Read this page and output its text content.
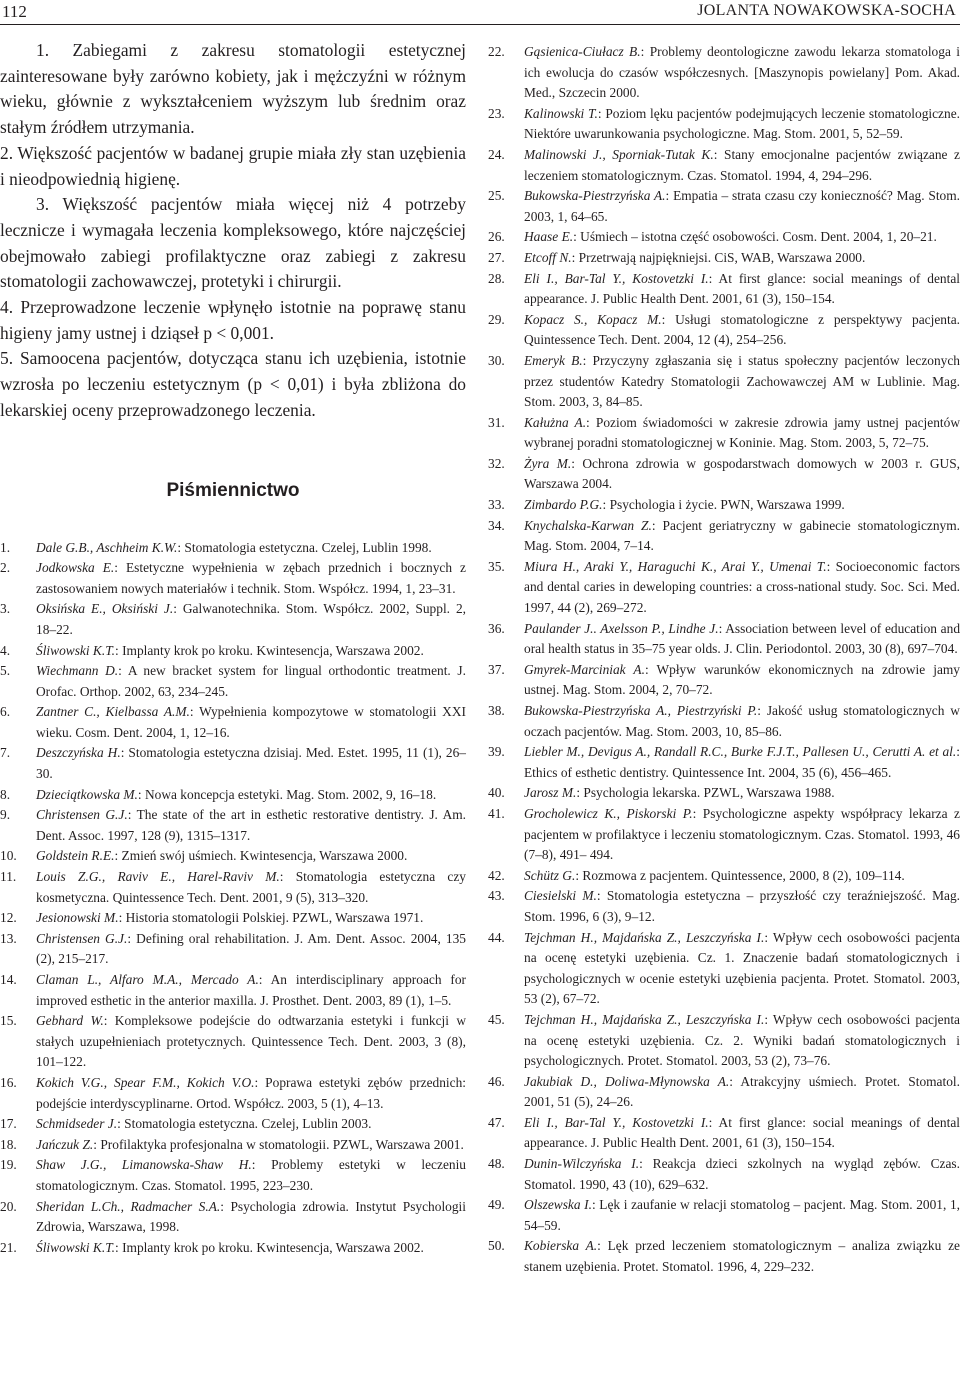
112	JOLANTA NOWAKOWSKA-SOCHA

1. Zabiegami z zakresu stomatologii estetycznej zainteresowane były zarówno kobiety, jak i mężczyźni w różnym wieku, głównie z wykształceniem wyższym lub średnim oraz stałym źródłem utrzymania.

2. Większość pacjentów w badanej grupie miała zły stan uzębienia i nieodpowiednią higienę.

3. Większość pacjentów miała więcej niż 4 potrzeby lecznicze i wymagała leczenia kompleksowego, które najczęściej obejmowało zabiegi profilaktyczne oraz zabiegi z zakresu stomatologii zachowawczej, protetyki i chirurgii.

4. Przeprowadzone leczenie wpłynęło istotnie na poprawę stanu higieny jamy ustnej i dziąseł p < 0,001.

5. Samoocena pacjentów, dotycząca stanu ich uzębienia, istotnie wzrosła po leczeniu estetycznym (p < 0,01) i była zbliżona do lekarskiej oceny przeprowadzonego leczenia.

Piśmiennictwo
1. Dale G.B., Aschheim K.W.: Stomatologia estetyczna. Czelej, Lublin 1998.
2. Jodkowska E.: Estetyczne wypełnienia w zębach przednich i bocznych z zastosowaniem nowych materiałów i technik. Stom. Współcz. 1994, 1, 23–31.
3. Oksińska E., Oksiński J.: Galwanotechnika. Stom. Współcz. 2002, Suppl. 2, 18–22.
4. Śliwowski K.T.: Implanty krok po kroku. Kwintesencja, Warszawa 2002.
5. Wiechmann D.: A new bracket system for lingual orthodontic treatment. J. Orofac. Orthop. 2002, 63, 234–245.
6. Zantner C., Kielbassa A.M.: Wypełnienia kompozytowe w stomatologii XXI wieku. Cosm. Dent. 2004, 1, 12–16.
7. Deszczyńska H.: Stomatologia estetyczna dzisiaj. Med. Estet. 1995, 11 (1), 26–30.
8. Dzieciątkowska M.: Nowa koncepcja estetyki. Mag. Stom. 2002, 9, 16–18.
9. Christensen G.J.: The state of the art in esthetic restorative dentistry. J. Am. Dent. Assoc. 1997, 128 (9), 1315–1317.
10. Goldstein R.E.: Zmień swój uśmiech. Kwintesencja, Warszawa 2000.
11. Louis Z.G., Raviv E., Harel-Raviv M.: Stomatologia estetyczna czy kosmetyczna. Quintessence Tech. Dent. 2001, 9 (5), 313–320.
12. Jesionowski M.: Historia stomatologii Polskiej. PZWL, Warszawa 1971.
13. Christensen G.J.: Defining oral rehabilitation. J. Am. Dent. Assoc. 2004, 135 (2), 215–217.
14. Claman L., Alfaro M.A., Mercado A.: An interdisciplinary approach for improved esthetic in the anterior maxilla. J. Prosthet. Dent. 2003, 89 (1), 1–5.
15. Gebhard W.: Kompleksowe podejście do odtwarzania estetyki i funkcji w stałych uzupełnieniach protetycznych. Quintessence Tech. Dent. 2003, 3 (8), 101–122.
16. Kokich V.G., Spear F.M., Kokich V.O.: Poprawa estetyki zębów przednich: podejście interdyscyplinarne. Ortod. Współcz. 2003, 5 (1), 4–13.
17. Schmidseder J.: Stomatologia estetyczna. Czelej, Lublin 2003.
18. Jańczuk Z.: Profilaktyka profesjonalna w stomatologii. PZWL, Warszawa 2001.
19. Shaw J.G., Limanowska-Shaw H.: Problemy estetyki w leczeniu stomatologicznym. Czas. Stomatol. 1995, 223–230.
20. Sheridan L.Ch., Radmacher S.A.: Psychologia zdrowia. Instytut Psychologii Zdrowia, Warszawa, 1998.
21. Śliwowski K.T.: Implanty krok po kroku. Kwintesencja, Warszawa 2002.
22. Gąsienica-Ciułacz B.: Problemy deontologiczne zawodu lekarza stomatologa i ich ewolucja do czasów współczesnych. [Maszynopis powielany] Pom. Akad. Med., Szczecin 2000.
23. Kalinowski T.: Poziom lęku pacjentów podejmujących leczenie stomatologiczne. Niektóre uwarunkowania psychologiczne. Mag. Stom. 2001, 5, 52–59.
24. Malinowski J., Sporniak-Tutak K.: Stany emocjonalne pacjentów związane z leczeniem stomatologicznym. Czas. Stomatol. 1994, 4, 294–296.
25. Bukowska-Piestrzyńska A.: Empatia – strata czasu czy konieczność? Mag. Stom. 2003, 1, 64–65.
26. Haase E.: Uśmiech – istotna część osobowości. Cosm. Dent. 2004, 1, 20–21.
27. Etcoff N.: Przetrwają najpiękniejsi. CiS, WAB, Warszawa 2000.
28. Eli I., Bar-Tal Y., Kostovetzki I.: At first glance: social meanings of dental appearance. J. Public Health Dent. 2001, 61 (3), 150–154.
29. Kopacz S., Kopacz M.: Usługi stomatologiczne z perspektywy pacjenta. Quintessence Tech. Dent. 2004, 12 (4), 254–256.
30. Emeryk B.: Przyczyny zgłaszania się i status społeczny pacjentów leczonych przez studentów Katedry Stomatologii Zachowawczej AM w Lublinie. Mag. Stom. 2003, 3, 84–85.
31. Kałużna A.: Poziom świadomości w zakresie zdrowia jamy ustnej pacjentów wybranej poradni stomatologicznej w Koninie. Mag. Stom. 2003, 5, 72–75.
32. Żyra M.: Ochrona zdrowia w gospodarstwach domowych w 2003 r. GUS, Warszawa 2004.
33. Zimbardo P.G.: Psychologia i życie. PWN, Warszawa 1999.
34. Knychalska-Karwan Z.: Pacjent geriatryczny w gabinecie stomatologicznym. Mag. Stom. 2004, 7–14.
35. Miura H., Araki Y., Haraguchi K., Arai Y., Umenai T.: Socioeconomic factors and dental caries in deweloping countries: a cross-national study. Soc. Sci. Med. 1997, 44 (2), 269–272.
36. Paulander J.. Axelsson P., Lindhe J.: Association between level of education and oral health status in 35–75 year olds. J. Clin. Periodontol. 2003, 30 (8), 697–704.
37. Gmyrek-Marciniak A.: Wpływ warunków ekonomicznych na zdrowie jamy ustnej. Mag. Stom. 2004, 2, 70–72.
38. Bukowska-Piestrzyńska A., Piestrzyński P.: Jakość usług stomatologicznych w oczach pacjentów. Mag. Stom. 2003, 10, 85–86.
39. Liebler M., Devigus A., Randall R.C., Burke F.J.T., Pallesen U., Cerutti A. et al.: Ethics of esthetic dentistry. Quintessence Int. 2004, 35 (6), 456–465.
40. Jarosz M.: Psychologia lekarska. PZWL, Warszawa 1988.
41. Grocholewicz K., Piskorski P.: Psychologiczne aspekty współpracy lekarza z pacjentem w profilaktyce i leczeniu stomatologicznym. Czas. Stomatol. 1993, 46 (7–8), 491– 494.
42. Schütz G.: Rozmowa z pacjentem. Quintessence, 2000, 8 (2), 109–114.
43. Ciesielski M.: Stomatologia estetyczna – przyszłość czy teraźniejszość. Mag. Stom. 1996, 6 (3), 9–12.
44. Tejchman H., Majdańska Z., Leszczyńska I.: Wpływ cech osobowości pacjenta na ocenę estetyki uzębienia. Cz. 1. Znaczenie badań stomatologicznych i psychologicznych w ocenie estetyki uzębienia pacjenta. Protet. Stomatol. 2003, 53 (2), 67–72.
45. Tejchman H., Majdańska Z., Leszczyńska I.: Wpływ cech osobowości pacjenta na ocenę estetyki uzębienia. Cz. 2. Wyniki badań stomatologicznych i psychologicznych. Protet. Stomatol. 2003, 53 (2), 73–76.
46. Jakubiak D., Doliwa-Młynowska A.: Atrakcyjny uśmiech. Protet. Stomatol. 2001, 51 (5), 24–26.
47. Eli I., Bar-Tal Y., Kostovetzki I.: At first glance: social meanings of dental appearance. J. Public Health Dent. 2001, 61 (3), 150–154.
48. Dunin-Wilczyńska I.: Reakcja dzieci szkolnych na wygląd zębów. Czas. Stomatol. 1990, 43 (10), 629–632.
49. Olszewska I.: Lęk i zaufanie w relacji stomatolog – pacjent. Mag. Stom. 2001, 1, 54–59.
50. Kobierska A.: Lęk przed leczeniem stomatologicznym – analiza związku ze stanem uzębienia. Protet. Stomatol. 1996, 4, 229–232.
